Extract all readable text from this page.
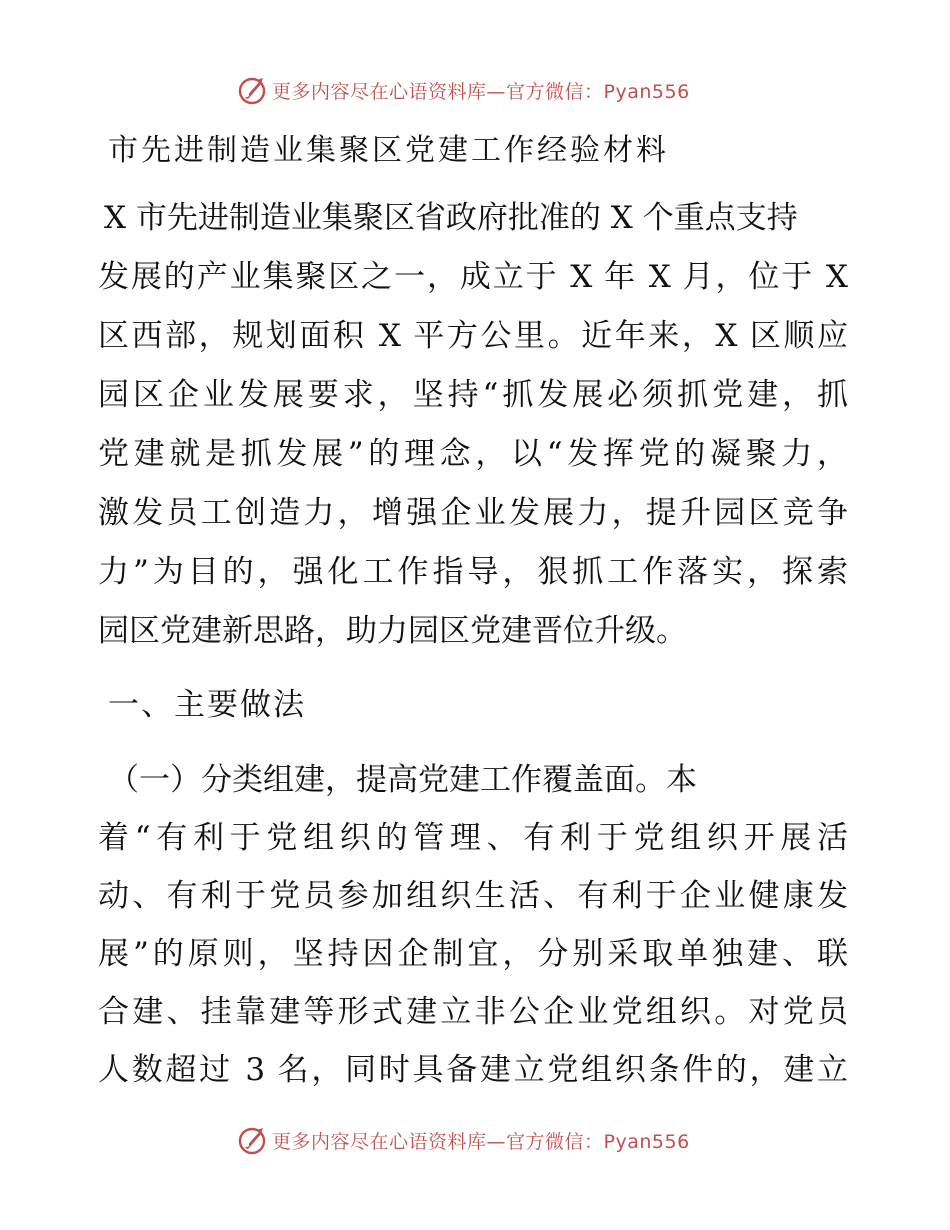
更多内容尽在心语资料库—官方微信：Pyan556
市先进制造业集聚区党建工作经验材料
X 市先进制造业集聚区省政府批准的 X 个重点支持
发展的产业集聚区之一，成立于 X 年 X 月，位于 X
区西部，规划面积 X 平方公里。近年来，X 区顺应
园区企业发展要求，坚持“抓发展必须抓党建，抓
党建就是抓发展”的理念，以“发挥党的凝聚力，
激发员工创造力，增强企业发展力，提升园区竞争
力”为目的，强化工作指导，狠抓工作落实，探索
园区党建新思路，助力园区党建晋位升级。
一、主要做法
（一）分类组建，提高党建工作覆盖面。本
着“有利于党组织的管理、有利于党组织开展活
动、有利于党员参加组织生活、有利于企业健康发
展”的原则，坚持因企制宜，分别采取单独建、联
合建、挂靠建等形式建立非公企业党组织。对党员
人数超过 3 名，同时具备建立党组织条件的，建立
更多内容尽在心语资料库—官方微信：Pyan556
